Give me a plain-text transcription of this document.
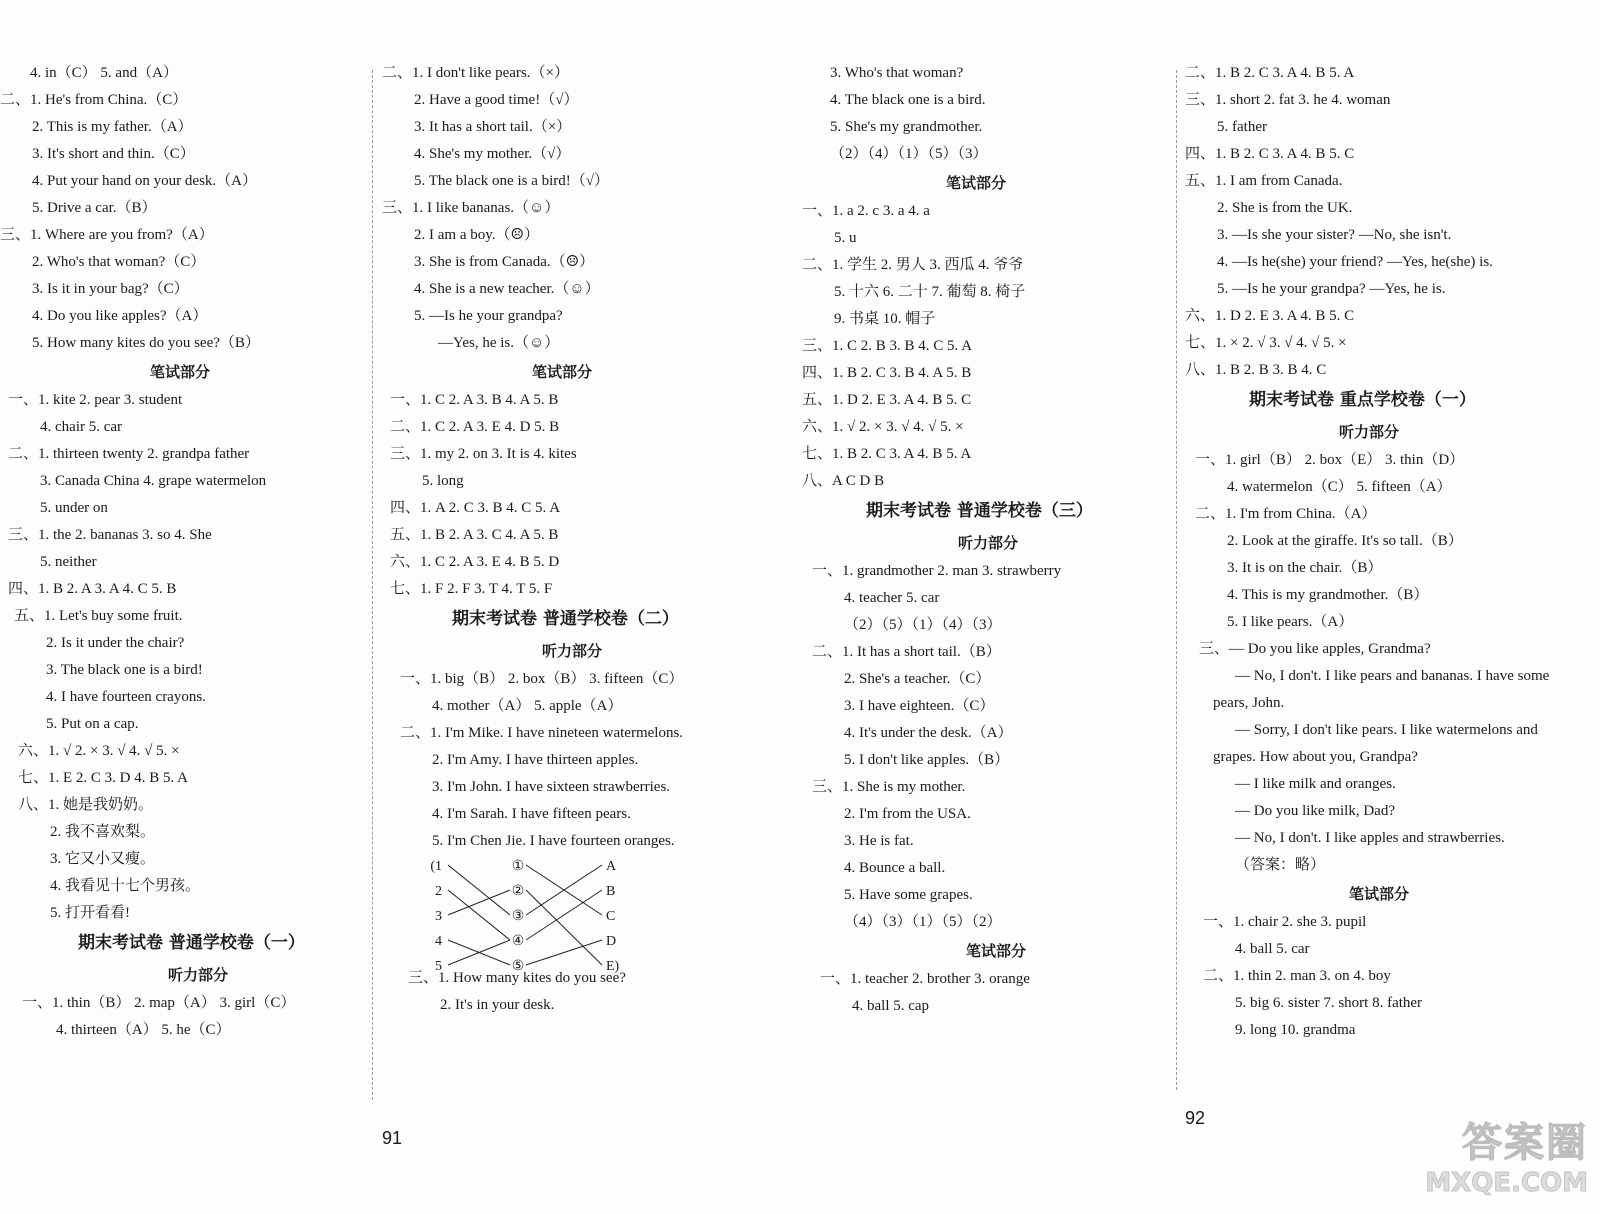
4. in（C） 5. and（A）
二、1. He's from China.（C）
2. This is my father.（A）
3. It's short and thin.（C）
4. Put your hand on your desk.（A）
5. Drive a car.（B）
三、1. Where are you from?（A）
2. Who's that woman?（C）
3. Is it in your bag?（C）
4. Do you like apples?（A）
5. How many kites do you see?（B）
笔试部分
一、1. kite 2. pear 3. student
4. chair 5. car
二、1. thirteen twenty 2. grandpa father
3. Canada China 4. grape watermelon
5. under on
三、1. the 2. bananas 3. so 4. She
5. neither
四、1. B 2. A 3. A 4. C 5. B
五、1. Let's buy some fruit.
2. Is it under the chair?
3. The black one is a bird!
4. I have fourteen crayons.
5. Put on a cap.
六、1. √ 2. × 3. √ 4. √ 5. ×
七、1. E 2. C 3. D 4. B 5. A
八、1. 她是我奶奶。
2. 我不喜欢梨。
3. 它又小又瘦。
4. 我看见十七个男孩。
5. 打开看看!
期末考试卷 普通学校卷（一）
听力部分
一、1. thin（B） 2. map（A） 3. girl（C）
4. thirteen（A） 5. he（C）
二、1. I don't like pears.（×）
2. Have a good time!（√）
3. It has a short tail.（×）
4. She's my mother.（√）
5. The black one is a bird!（√）
三、1. I like bananas.（☺）
2. I am a boy.（☹）
3. She is from Canada.（☹）
4. She is a new teacher.（☺）
5. —Is he your grandpa?
—Yes, he is.（☺）
笔试部分
一、1. C 2. A 3. B 4. A 5. B
二、1. C 2. A 3. E 4. D 5. B
三、1. my 2. on 3. It is 4. kites
5. long
四、1. A 2. C 3. B 4. C 5. A
五、1. B 2. A 3. C 4. A 5. B
六、1. C 2. A 3. E 4. B 5. D
七、1. F 2. F 3. T 4. T 5. F
期末考试卷 普通学校卷（二）
听力部分
一、1. big（B） 2. box（B） 3. fifteen（C）
4. mother（A） 5. apple（A）
二、1. I'm Mike. I have nineteen watermelons.
2. I'm Amy. I have thirteen apples.
3. I'm John. I have sixteen strawberries.
4. I'm Sarah. I have fifteen pears.
5. I'm Chen Jie. I have fourteen oranges.
(1
2
3
4
5
①
②
③
④
⑤
A
B
C
D
E)
三、1. How many kites do you see?
2. It's in your desk.
3. Who's that woman?
4. The black one is a bird.
5. She's my grandmother.
（2）（4）（1）（5）（3）
笔试部分
一、1. a 2. c 3. a 4. a
5. u
二、1. 学生 2. 男人 3. 西瓜 4. 爷爷
5. 十六 6. 二十 7. 葡萄 8. 椅子
9. 书桌 10. 帽子
三、1. C 2. B 3. B 4. C 5. A
四、1. B 2. C 3. B 4. A 5. B
五、1. D 2. E 3. A 4. B 5. C
六、1. √ 2. × 3. √ 4. √ 5. ×
七、1. B 2. C 3. A 4. B 5. A
八、A C D B
期末考试卷 普通学校卷（三）
听力部分
一、1. grandmother 2. man 3. strawberry
4. teacher 5. car
（2）（5）（1）（4）（3）
二、1. It has a short tail.（B）
2. She's a teacher.（C）
3. I have eighteen.（C）
4. It's under the desk.（A）
5. I don't like apples.（B）
三、1. She is my mother.
2. I'm from the USA.
3. He is fat.
4. Bounce a ball.
5. Have some grapes.
（4）（3）（1）（5）（2）
笔试部分
一、1. teacher 2. brother 3. orange
4. ball 5. cap
二、1. B 2. C 3. A 4. B 5. A
三、1. short 2. fat 3. he 4. woman
5. father
四、1. B 2. C 3. A 4. B 5. C
五、1. I am from Canada.
2. She is from the UK.
3. —Is she your sister? —No, she isn't.
4. —Is he(she) your friend? —Yes, he(she) is.
5. —Is he your grandpa? —Yes, he is.
六、1. D 2. E 3. A 4. B 5. C
七、1. × 2. √ 3. √ 4. √ 5. ×
八、1. B 2. B 3. B 4. C
期末考试卷 重点学校卷（一）
听力部分
一、1. girl（B） 2. box（E） 3. thin（D）
4. watermelon（C） 5. fifteen（A）
二、1. I'm from China.（A）
2. Look at the giraffe. It's so tall.（B）
3. It is on the chair.（B）
4. This is my grandmother.（B）
5. I like pears.（A）
三、— Do you like apples, Grandma?
— No, I don't. I like pears and bananas. I have some
pears, John.
— Sorry, I don't like pears. I like watermelons and
grapes. How about you, Grandpa?
— I like milk and oranges.
— Do you like milk, Dad?
— No, I don't. I like apples and strawberries.
（答案：略）
笔试部分
一、1. chair 2. she 3. pupil
4. ball 5. car
二、1. thin 2. man 3. on 4. boy
5. big 6. sister 7. short 8. father
9. long 10. grandma
91
92
答案圈
MXQE.COM
